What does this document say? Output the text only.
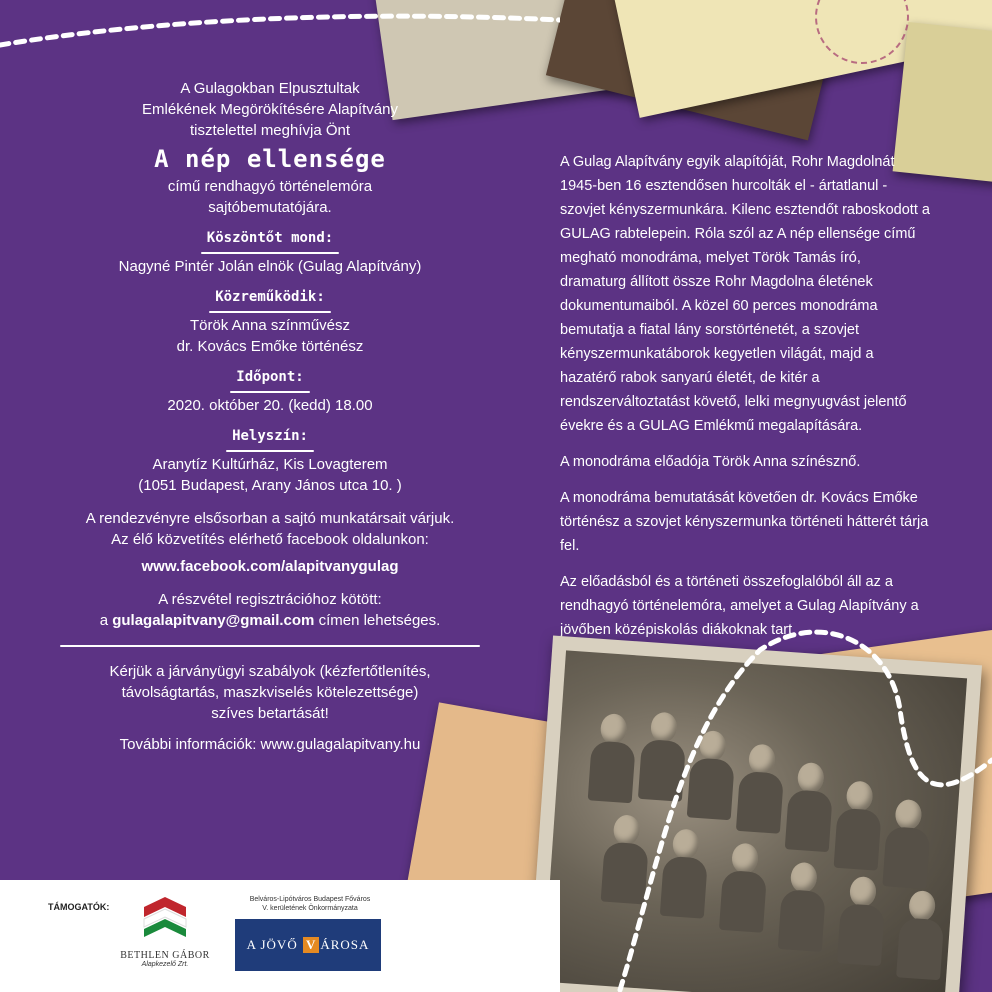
A Gulagokban Elpusztultak

Emlékének Megörökítésére Alapítvány

tisztelettel meghívja Önt

A nép ellensége

című rendhagyó történelemóra

sajtóbemutatójára.

Köszöntőt mond:

Nagyné Pintér Jolán elnök (Gulag Alapítvány)

Közreműködik:

Török Anna színművész

dr. Kovács Emőke történész

Időpont:

2020. október 20. (kedd) 18.00

Helyszín:

Aranytíz Kultúrház, Kis Lovagterem

(1051 Budapest, Arany János utca 10. )

A rendezvényre elsősorban a sajtó munkatársait várjuk.

Az élő közvetítés elérhető facebook oldalunkon:

www.facebook.com/alapitvanygulag

A részvétel regisztrációhoz kötött:

a gulagalapitvany@gmail.com címen lehetséges.

Kérjük a járványügyi szabályok (kézfertőtlenítés,

távolságtartás, maszkviselés kötelezettsége)

szíves betartását!

További információk: www.gulagalapitvany.hu

A Gulag Alapítvány egyik alapítóját, Rohr Magdolnát 1945-ben 16 esztendősen hurcolták el - ártatlanul - szovjet kényszermunkára. Kilenc esztendőt raboskodott a GULAG rabtelepein. Róla szól az A nép ellensége című megható monodráma, melyet Török Tamás író, dramaturg állított össze Rohr Magdolna életének dokumentumaiból. A közel 60 perces monodráma bemutatja a fiatal lány sorstörténetét, a szovjet kényszermunkatáborok kegyetlen világát, majd a hazatérő rabok sanyarú életét, de kitér a rendszerváltoztatást követő, lelki megnyugvást jelentő évekre és a GULAG Emlékmű megalapítására.

A monodráma előadója Török Anna színésznő.

A monodráma bemutatását követően dr. Kovács Emőke történész a szovjet kényszermunka történeti hátterét tárja fel.

Az előadásból és a történeti összefoglalóból áll az a rendhagyó történelemóra, amelyet a Gulag Alapítvány a jövőben középiskolás diákoknak tart.

TÁMOGATÓK:
BETHLEN GÁBOR
Alapkezelő Zrt.
Belváros-Lipótváros Budapest Főváros
V. kerületének Önkormányzata
A JÖVŐ
V ÁROSA
